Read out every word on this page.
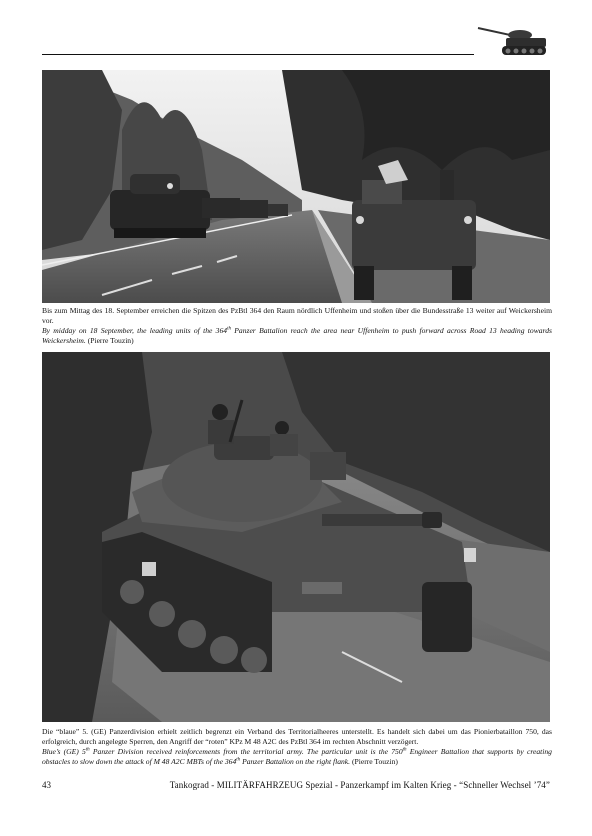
Bis zum Mittag des 18. September erreichen die Spitzen des PzBtl 364 den Raum nördlich Uffenheim und stoßen über die Bundesstraße 13 weiter auf Weickersheim vor.
By midday on 18 September, the leading units of the 364th Panzer Battalion reach the area near Uffenheim to push forward across Road 13 heading towards Weickersheim. (Pierre Touzin)
Die “blaue” 5. (GE) Panzerdivision erhielt zeitlich begrenzt ein Verband des Territorialheeres unterstellt. Es handelt sich dabei um das Pionierbataillon 750, das erfolgreich, durch angelegte Sperren, den Angriff der “roten” KPz M 48 A2C des PzBtl 364 im rechten Abschnitt verzögert.
Blue’s (GE) 5th Panzer Division received reinforcements from the territorial army. The particular unit is the 750th Engineer Battalion that supports by creating obstacles to slow down the attack of M 48 A2C MBTs of the 364th Panzer Battalion on the right flank. (Pierre Touzin)
43	Tankograd - MILITÄRFAHRZEUG Spezial - Panzerkampf im Kalten Krieg - “Schneller Wechsel ’74”
